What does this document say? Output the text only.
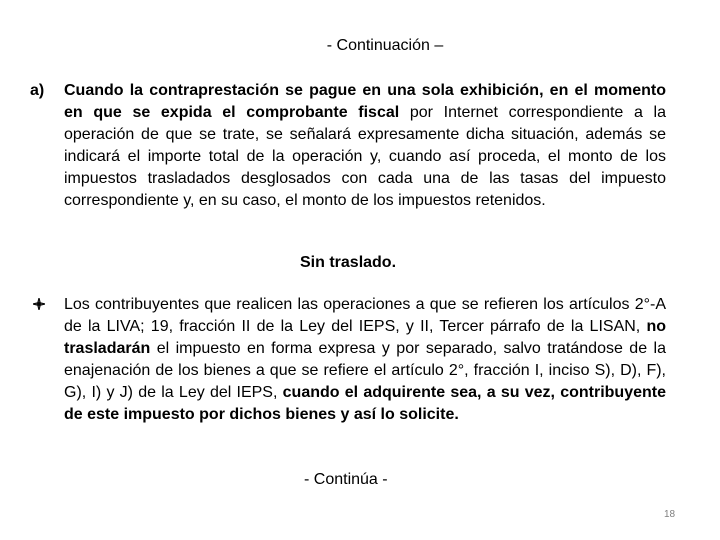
- Continuación –
a) Cuando la contraprestación se pague en una sola exhibición, en el momento en que se expida el comprobante fiscal por Internet correspondiente a la operación de que se trate, se señalará expresamente dicha situación, además se indicará el importe total de la operación y, cuando así proceda, el monto de los impuestos trasladados desglosados con cada una de las tasas del impuesto correspondiente y, en su caso, el monto de los impuestos retenidos.
Sin traslado.
Los contribuyentes que realicen las operaciones a que se refieren los artículos 2°-A de la LIVA; 19, fracción II de la Ley del IEPS, y II, Tercer párrafo de la LISAN, no trasladarán el impuesto en forma expresa y por separado, salvo tratándose de la enajenación de los bienes a que se refiere el artículo 2°, fracción I, inciso S), D), F), G), I) y J) de la Ley del IEPS, cuando el adquirente sea, a su vez, contribuyente de este impuesto por dichos bienes y así lo solicite.
- Continúa -
18
